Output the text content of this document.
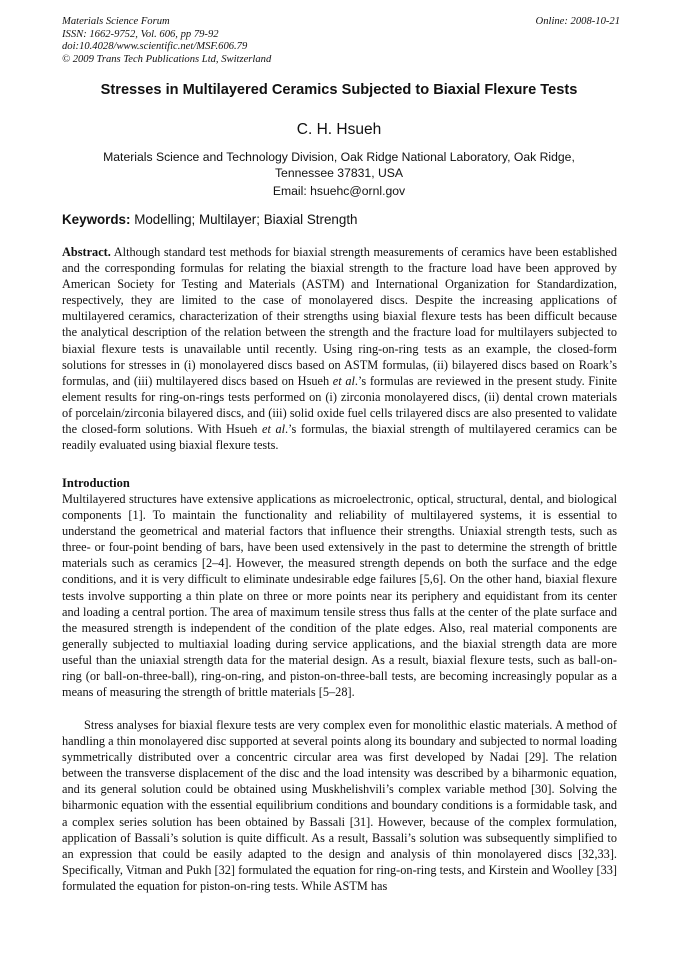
Materials Science Forum
ISSN: 1662-9752, Vol. 606, pp 79-92
doi:10.4028/www.scientific.net/MSF.606.79
© 2009 Trans Tech Publications Ltd, Switzerland
Online: 2008-10-21
Stresses in Multilayered Ceramics Subjected to Biaxial Flexure Tests
C. H. Hsueh
Materials Science and Technology Division, Oak Ridge National Laboratory, Oak Ridge,
Tennessee 37831, USA
Email: hsuehc@ornl.gov
Keywords: Modelling; Multilayer; Biaxial Strength
Abstract. Although standard test methods for biaxial strength measurements of ceramics have been established and the corresponding formulas for relating the biaxial strength to the fracture load have been approved by American Society for Testing and Materials (ASTM) and International Organization for Standardization, respectively, they are limited to the case of monolayered discs. Despite the increasing applications of multilayered ceramics, characterization of their strengths using biaxial flexure tests has been difficult because the analytical description of the relation between the strength and the fracture load for multilayers subjected to biaxial flexure tests is unavailable until recently. Using ring-on-ring tests as an example, the closed-form solutions for stresses in (i) monolayered discs based on ASTM formulas, (ii) bilayered discs based on Roark’s formulas, and (iii) multilayered discs based on Hsueh et al.’s formulas are reviewed in the present study. Finite element results for ring-on-rings tests performed on (i) zirconia monolayered discs, (ii) dental crown materials of porcelain/zirconia bilayered discs, and (iii) solid oxide fuel cells trilayered discs are also presented to validate the closed-form solutions. With Hsueh et al.’s formulas, the biaxial strength of multilayered ceramics can be readily evaluated using biaxial flexure tests.
Introduction
Multilayered structures have extensive applications as microelectronic, optical, structural, dental, and biological components [1]. To maintain the functionality and reliability of multilayered systems, it is essential to understand the geometrical and material factors that influence their strengths. Uniaxial strength tests, such as three- or four-point bending of bars, have been used extensively in the past to determine the strength of brittle materials such as ceramics [2–4]. However, the measured strength depends on both the surface and the edge conditions, and it is very difficult to eliminate undesirable edge failures [5,6]. On the other hand, biaxial flexure tests involve supporting a thin plate on three or more points near its periphery and equidistant from its center and loading a central portion. The area of maximum tensile stress thus falls at the center of the plate surface and the measured strength is independent of the condition of the plate edges. Also, real material components are generally subjected to multiaxial loading during service applications, and the biaxial strength data are more useful than the uniaxial strength data for the material design. As a result, biaxial flexure tests, such as ball-on-ring (or ball-on-three-ball), ring-on-ring, and piston-on-three-ball tests, are becoming increasingly popular as a means of measuring the strength of brittle materials [5–28].
Stress analyses for biaxial flexure tests are very complex even for monolithic elastic materials. A method of handling a thin monolayered disc supported at several points along its boundary and subjected to normal loading symmetrically distributed over a concentric circular area was first developed by Nadai [29]. The relation between the transverse displacement of the disc and the load intensity was described by a biharmonic equation, and its general solution could be obtained using Muskhelishvili’s complex variable method [30]. Solving the biharmonic equation with the essential equilibrium conditions and boundary conditions is a formidable task, and a complex series solution has been obtained by Bassali [31]. However, because of the complex formulation, application of Bassali’s solution is quite difficult. As a result, Bassali’s solution was subsequently simplified to an expression that could be easily adapted to the design and analysis of thin monolayered discs [32,33]. Specifically, Vitman and Pukh [32] formulated the equation for ring-on-ring tests, and Kirstein and Woolley [33] formulated the equation for piston-on-ring tests. While ASTM has
